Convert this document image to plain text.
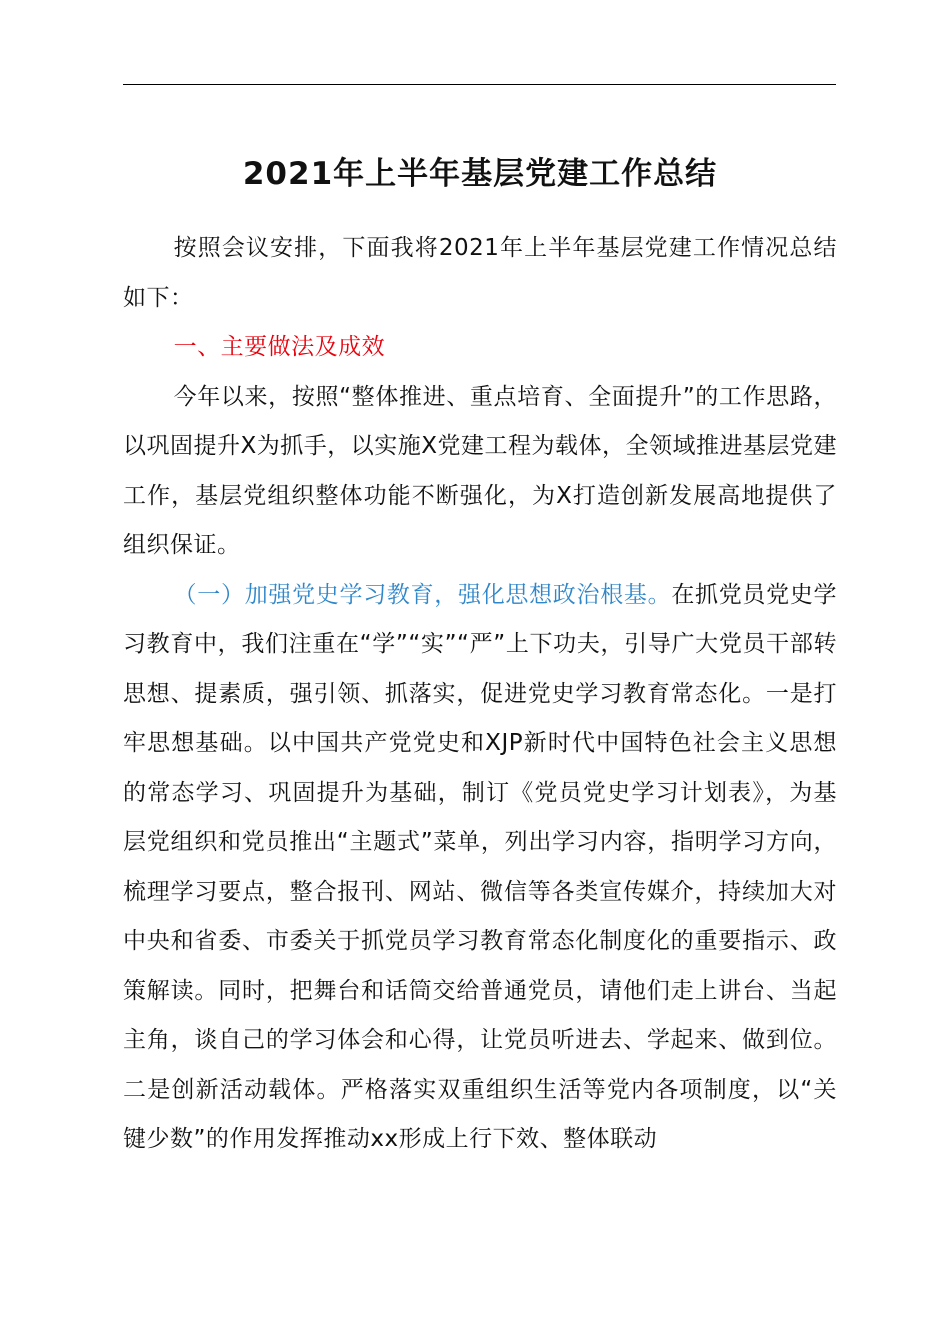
2021年上半年基层党建工作总结

按照会议安排，下面我将2021年上半年基层党建工作情况总结如下：

一、主要做法及成效

今年以来，按照“整体推进、重点培育、全面提升”的工作思路，以巩固提升X为抓手，以实施X党建工程为载体，全领域推进基层党建工作，基层党组织整体功能不断强化，为X打造创新发展高地提供了组织保证。

（一）加强党史学习教育，强化思想政治根基。在抓党员党史学习教育中，我们注重在“学”“实”“严”上下功夫，引导广大党员干部转思想、提素质，强引领、抓落实，促进党史学习教育常态化。一是打牢思想基础。以中国共产党党史和XJP新时代中国特色社会主义思想的常态学习、巩固提升为基础，制订《党员党史学习计划表》，为基层党组织和党员推出“主题式”菜单，列出学习内容，指明学习方向，梳理学习要点，整合报刊、网站、微信等各类宣传媒介，持续加大对中央和省委、市委关于抓党员学习教育常态化制度化的重要指示、政策解读。同时，把舞台和话筒交给普通党员，请他们走上讲台、当起主角，谈自己的学习体会和心得，让党员听进去、学起来、做到位。二是创新活动载体。严格落实双重组织生活等党内各项制度，以“关键少数”的作用发挥推动xx形成上行下效、整体联动
